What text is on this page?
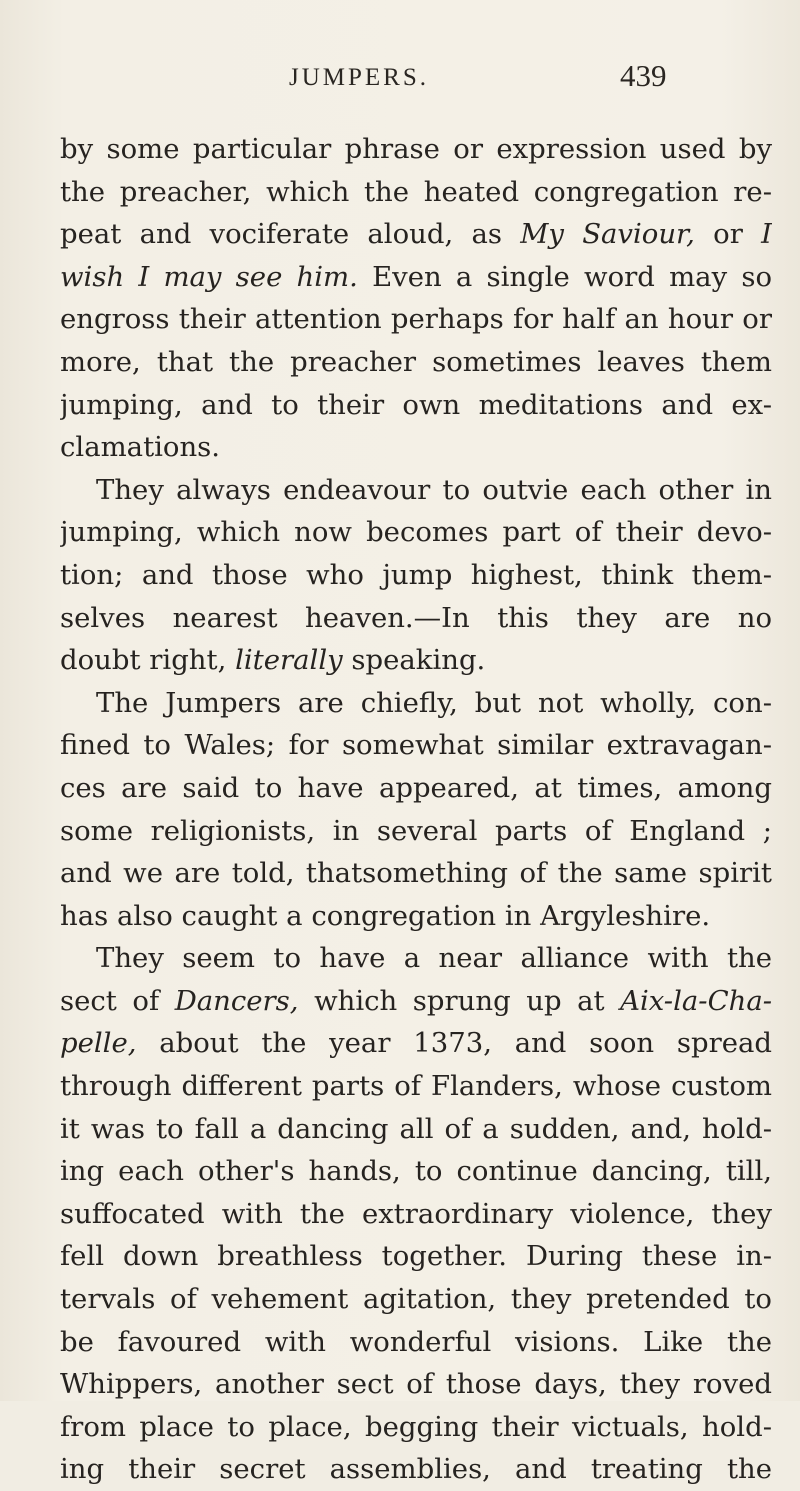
JUMPERS.	439
by some particular phrase or expression used by
the preacher, which the heated congregation re-
peat and vociferate aloud, as My Saviour, or I
wish I may see him. Even a single word may so
engross their attention perhaps for half an hour or
more, that the preacher sometimes leaves them
jumping, and to their own meditations and ex-
clamations.
They always endeavour to outvie each other in
jumping, which now becomes part of their devo-
tion; and those who jump highest, think them-
selves nearest heaven.—In this they are no
doubt right, literally speaking.
The Jumpers are chiefly, but not wholly, con-
fined to Wales; for somewhat similar extravagan-
ces are said to have appeared, at times, among
some religionists, in several parts of England ;
and we are told, thatsomething of the same spirit
has also caught a congregation in Argyleshire.
They seem to have a near alliance with the
sect of Dancers, which sprung up at Aix-la-Cha-
pelle, about the year 1373, and soon spread
through different parts of Flanders, whose custom
it was to fall a dancing all of a sudden, and, hold-
ing each other's hands, to continue dancing, till,
suffocated with the extraordinary violence, they
fell down breathless together. During these in-
tervals of vehement agitation, they pretended to
be favoured with wonderful visions. Like the
Whippers, another sect of those days, they roved
from place to place, begging their victuals, hold-
ing their secret assemblies, and treating the
